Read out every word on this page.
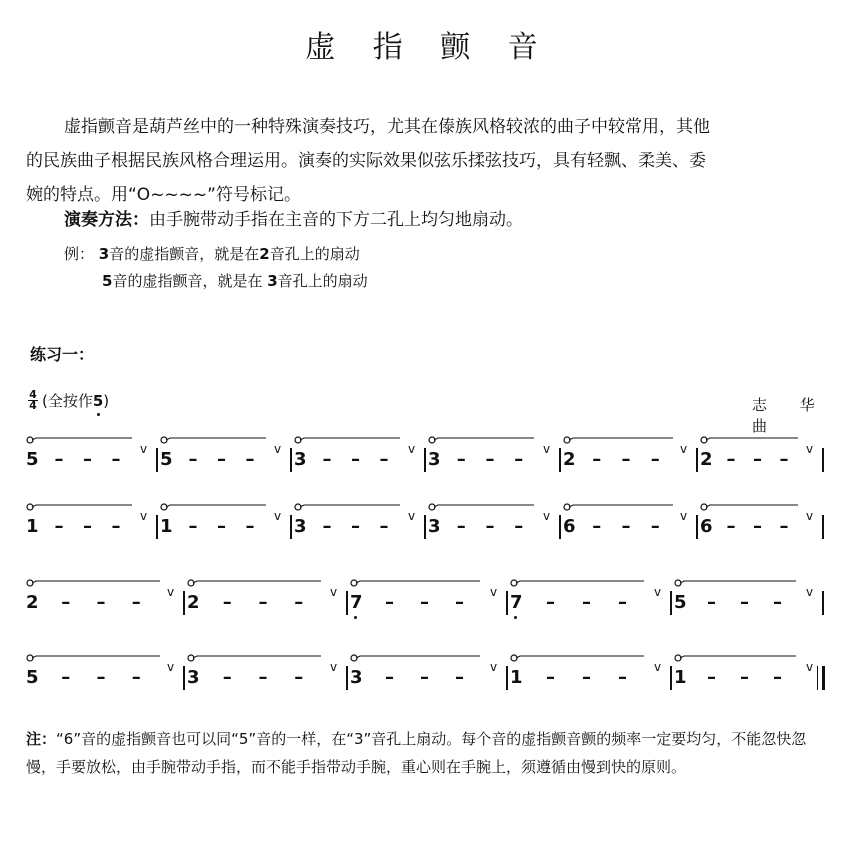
虚 指 颤 音
虚指颤音是葫芦丝中的一种特殊演奏技巧，尤其在傣族风格较浓的曲子中较常用，其他
的民族曲子根据民族风格合理运用。演奏的实际效果似弦乐揉弦技巧，具有轻飘、柔美、委
婉的特点。用“O~~~~”符号标记。
演奏方法：由手腕带动手指在主音的下方二孔上均匀地扇动。
例： 3音的虚指颤音，就是在2音孔上的扇动
5音的虚指颤音，就是在 3音孔上的扇动
练习一：
$\frac{4}{4}$ (全按作 5 )	志 华曲
v
5 – – –	v
5 – – –	v
3 – – –	v
3 – – –	v
2 – – –	v
2 – – –
v
1 – – –	v
1 – – –	v
3 – – –	v
3 – – –	v
6 – – –	v
6 – – –
v
2 – – –	v
2 – – –	v
7 – – –	v
7 – – –	v
5 – – –
v
5 – – –	v
3 – – –	v
3 – – –	v
1 – – –	v
1 – – –
注：“6”音的虚指颤音也可以同“5”音的一样，在“3”音孔上扇动。每个音的虚指颤音颤的频率一定要均匀，不能忽快忽慢，手要放松，由手腕带动手指，而不能手指带动手腕，重心则在手腕上，须遵循由慢到快的原则。
